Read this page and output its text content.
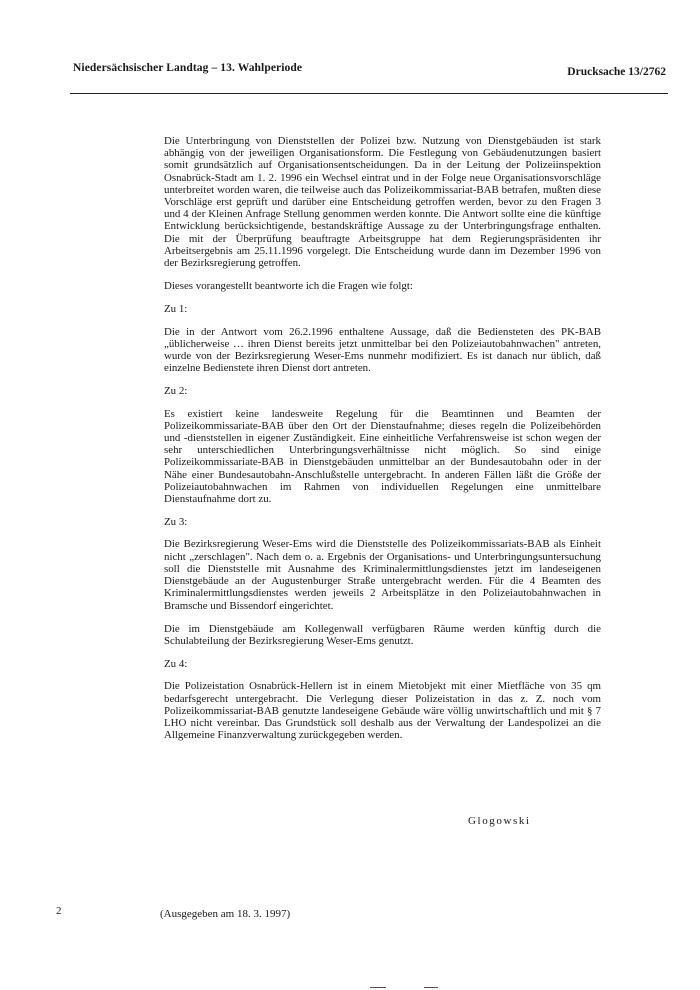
Niedersächsischer Landtag – 13. Wahlperiode	Drucksache 13/2762

Die Unterbringung von Dienststellen der Polizei bzw. Nutzung von Dienstgebäuden ist stark abhängig von der jeweiligen Organisationsform. Die Festlegung von Gebäudenutzungen basiert somit grundsätzlich auf Organisationsentscheidungen. Da in der Leitung der Polizeiinspektion Osnabrück-Stadt am 1. 2. 1996 ein Wechsel eintrat und in der Folge neue Organisationsvorschläge unterbreitet worden waren, die teilweise auch das Polizeikommissariat-BAB betrafen, mußten diese Vorschläge erst geprüft und darüber eine Entscheidung getroffen werden, bevor zu den Fragen 3 und 4 der Kleinen Anfrage Stellung genommen werden konnte. Die Antwort sollte eine die künftige Entwicklung berücksichtigende, bestandskräftige Aussage zu der Unterbringungsfrage enthalten. Die mit der Überprüfung beauftragte Arbeitsgruppe hat dem Regierungspräsidenten ihr Arbeitsergebnis am 25.11.1996 vorgelegt. Die Entscheidung wurde dann im Dezember 1996 von der Bezirksregierung getroffen.

Dieses vorangestellt beantworte ich die Fragen wie folgt:

Zu 1:

Die in der Antwort vom 26.2.1996 enthaltene Aussage, daß die Bediensteten des PK-BAB „üblicherweise … ihren Dienst bereits jetzt unmittelbar bei den Polizeiautobahnwachen" antreten, wurde von der Bezirksregierung Weser-Ems nunmehr modifiziert. Es ist danach nur üblich, daß einzelne Bedienstete ihren Dienst dort antreten.

Zu 2:

Es existiert keine landesweite Regelung für die Beamtinnen und Beamten der Polizeikommissariate-BAB über den Ort der Dienstaufnahme; dieses regeln die Polizeibehörden und -dienststellen in eigener Zuständigkeit. Eine einheitliche Verfahrensweise ist schon wegen der sehr unterschiedlichen Unterbringungsverhältnisse nicht möglich. So sind einige Polizeikommissariate-BAB in Dienstgebäuden unmittelbar an der Bundesautobahn oder in der Nähe einer Bundesautobahn-Anschlußstelle untergebracht. In anderen Fällen läßt die Größe der Polizeiautobahnwachen im Rahmen von individuellen Regelungen eine unmittelbare Dienstaufnahme dort zu.

Zu 3:

Die Bezirksregierung Weser-Ems wird die Dienststelle des Polizeikommissariats-BAB als Einheit nicht „zerschlagen". Nach dem o. a. Ergebnis der Organisations- und Unterbringungsuntersuchung soll die Dienststelle mit Ausnahme des Kriminalermittlungsdienstes jetzt im landeseigenen Dienstgebäude an der Augustenburger Straße untergebracht werden. Für die 4 Beamten des Kriminalermittlungsdienstes werden jeweils 2 Arbeitsplätze in den Polizeiautobahnwachen in Bramsche und Bissendorf eingerichtet.

Die im Dienstgebäude am Kollegenwall verfügbaren Räume werden künftig durch die Schulabteilung der Bezirksregierung Weser-Ems genutzt.

Zu 4:

Die Polizeistation Osnabrück-Hellern ist in einem Mietobjekt mit einer Mietfläche von 35 qm bedarfsgerecht untergebracht. Die Verlegung dieser Polizeistation in das z. Z. noch vom Polizeikommissariat-BAB genutzte landeseigene Gebäude wäre völlig unwirtschaftlich und mit § 7 LHO nicht vereinbar. Das Grundstück soll deshalb aus der Verwaltung der Landespolizei an die Allgemeine Finanzverwaltung zurückgegeben werden.

Glogowski
2	(Ausgegeben am 18. 3. 1997)
